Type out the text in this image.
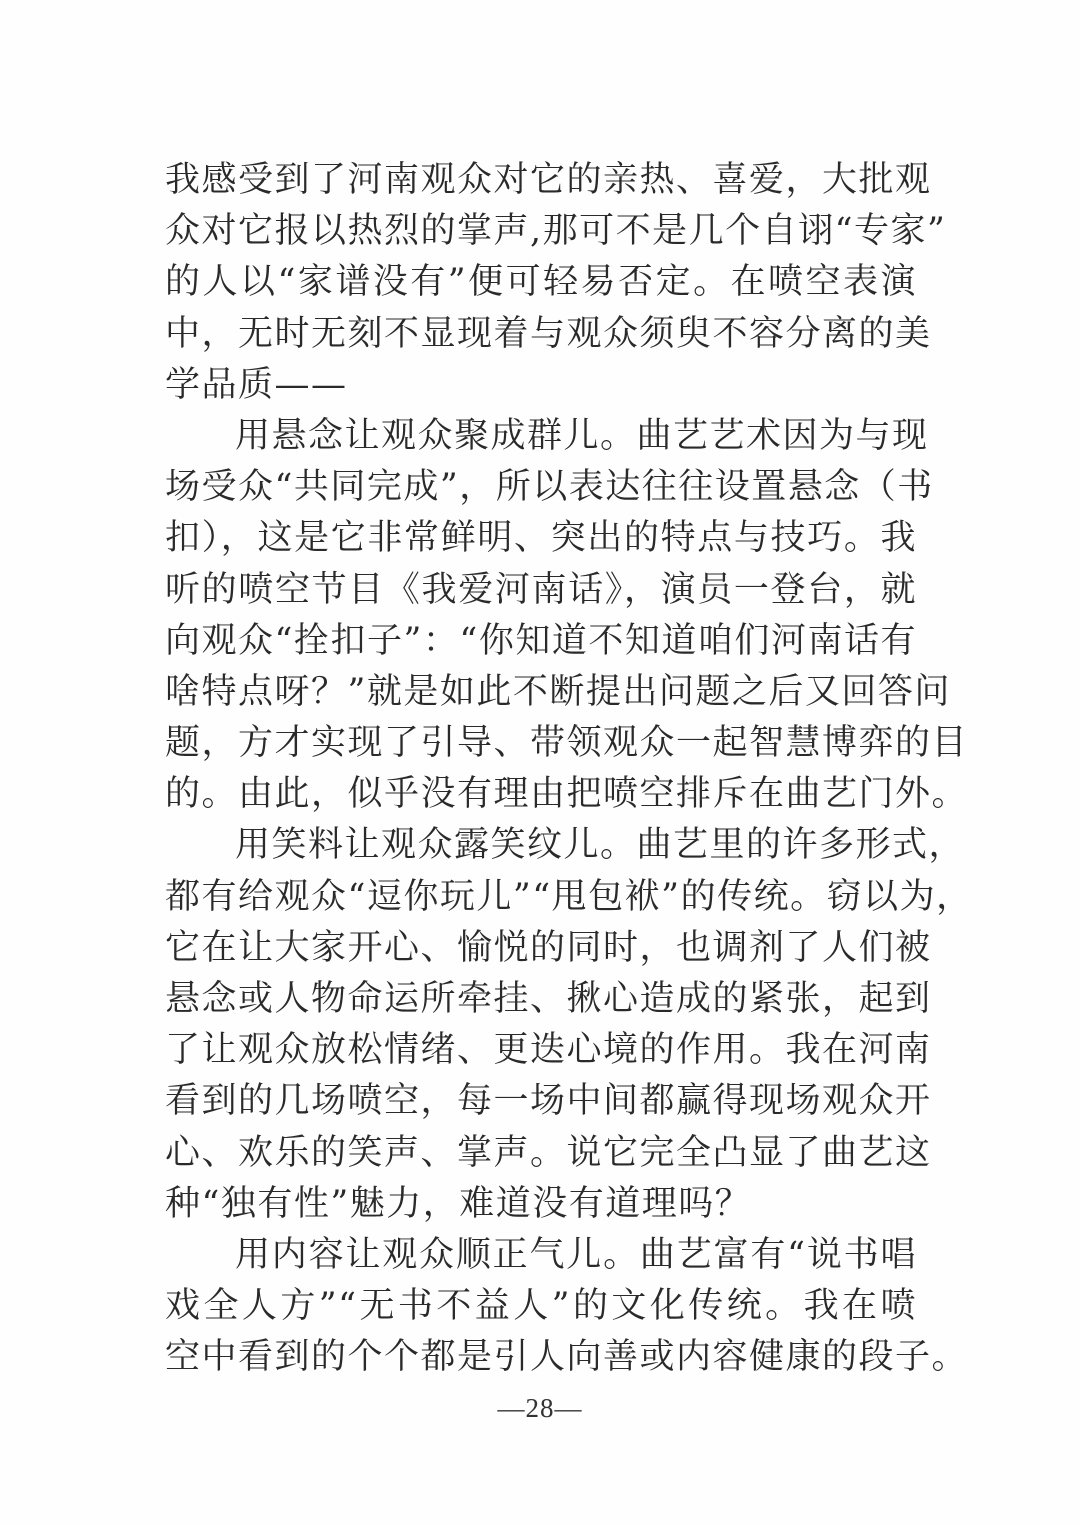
我感受到了河南观众对它的亲热、喜爱，大批观
众对它报以热烈的掌声,那可不是几个自诩“专家”
的人以“家谱没有”便可轻易否定。在喷空表演
中，无时无刻不显现着与观众须臾不容分离的美
学品质——
用悬念让观众聚成群儿。曲艺艺术因为与现
场受众“共同完成”，所以表达往往设置悬念（书
扣），这是它非常鲜明、突出的特点与技巧。我
听的喷空节目《我爱河南话》，演员一登台，就
向观众“拴扣子”：“你知道不知道咱们河南话有
啥特点呀？”就是如此不断提出问题之后又回答问
题，方才实现了引导、带领观众一起智慧博弈的目
的。由此，似乎没有理由把喷空排斥在曲艺门外。
用笑料让观众露笑纹儿。曲艺里的许多形式，
都有给观众“逗你玩儿”“甩包袱”的传统。窃以为，
它在让大家开心、愉悦的同时，也调剂了人们被
悬念或人物命运所牵挂、揪心造成的紧张，起到
了让观众放松情绪、更迭心境的作用。我在河南
看到的几场喷空，每一场中间都赢得现场观众开
心、欢乐的笑声、掌声。说它完全凸显了曲艺这
种“独有性”魅力，难道没有道理吗？
用内容让观众顺正气儿。曲艺富有“说书唱
戏全人方”“无书不益人”的文化传统。我在喷
空中看到的个个都是引人向善或内容健康的段子。
—28—
